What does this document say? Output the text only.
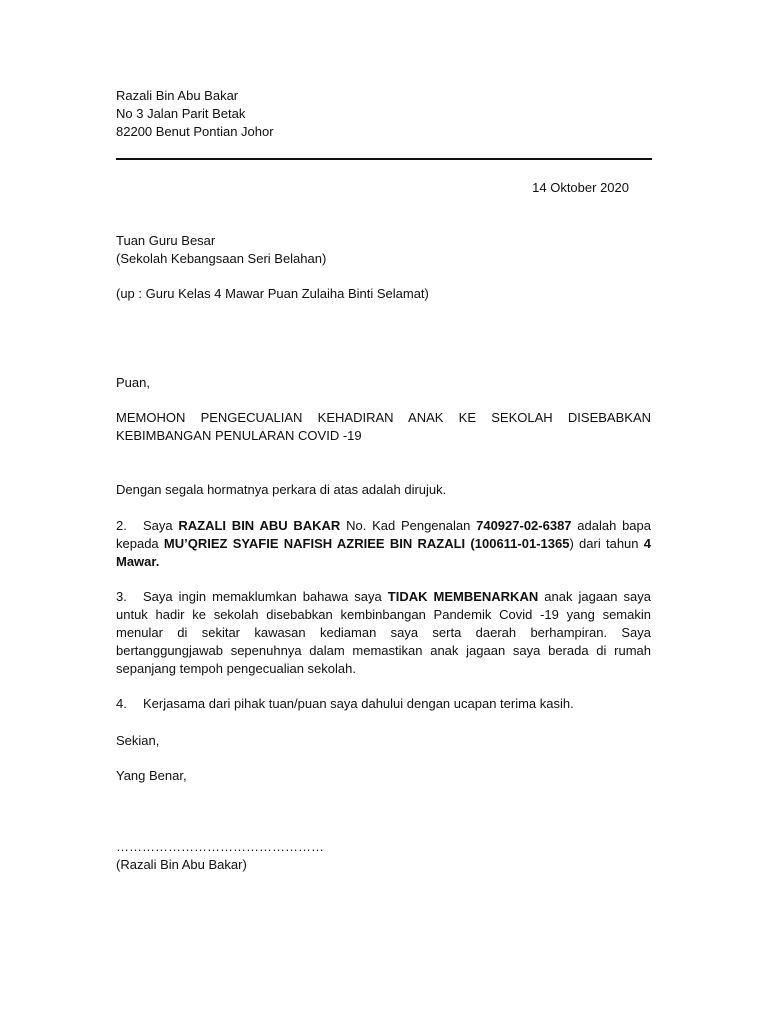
Razali Bin Abu Bakar
No 3 Jalan Parit Betak
82200 Benut Pontian Johor
14 Oktober 2020
Tuan Guru Besar
(Sekolah Kebangsaan Seri Belahan)
(up : Guru Kelas 4 Mawar Puan Zulaiha Binti Selamat)
Puan,
MEMOHON PENGECUALIAN KEHADIRAN ANAK KE SEKOLAH DISEBABKAN KEBIMBANGAN PENULARAN COVID -19
Dengan segala hormatnya perkara di atas adalah dirujuk.
2. Saya RAZALI BIN ABU BAKAR No. Kad Pengenalan 740927-02-6387 adalah bapa kepada MU’QRIEZ SYAFIE NAFISH AZRIEE BIN RAZALI (100611-01-1365) dari tahun 4 Mawar.
3. Saya ingin memaklumkan bahawa saya TIDAK MEMBENARKAN anak jagaan saya untuk hadir ke sekolah disebabkan kembinbangan Pandemik Covid -19 yang semakin menular di sekitar kawasan kediaman saya serta daerah berhampiran. Saya bertanggungjawab sepenuhnya dalam memastikan anak jagaan saya berada di rumah sepanjang tempoh pengecualian sekolah.
4. Kerjasama dari pihak tuan/puan saya dahului dengan ucapan terima kasih.
Sekian,
Yang Benar,
…………………………………………
(Razali Bin Abu Bakar)
